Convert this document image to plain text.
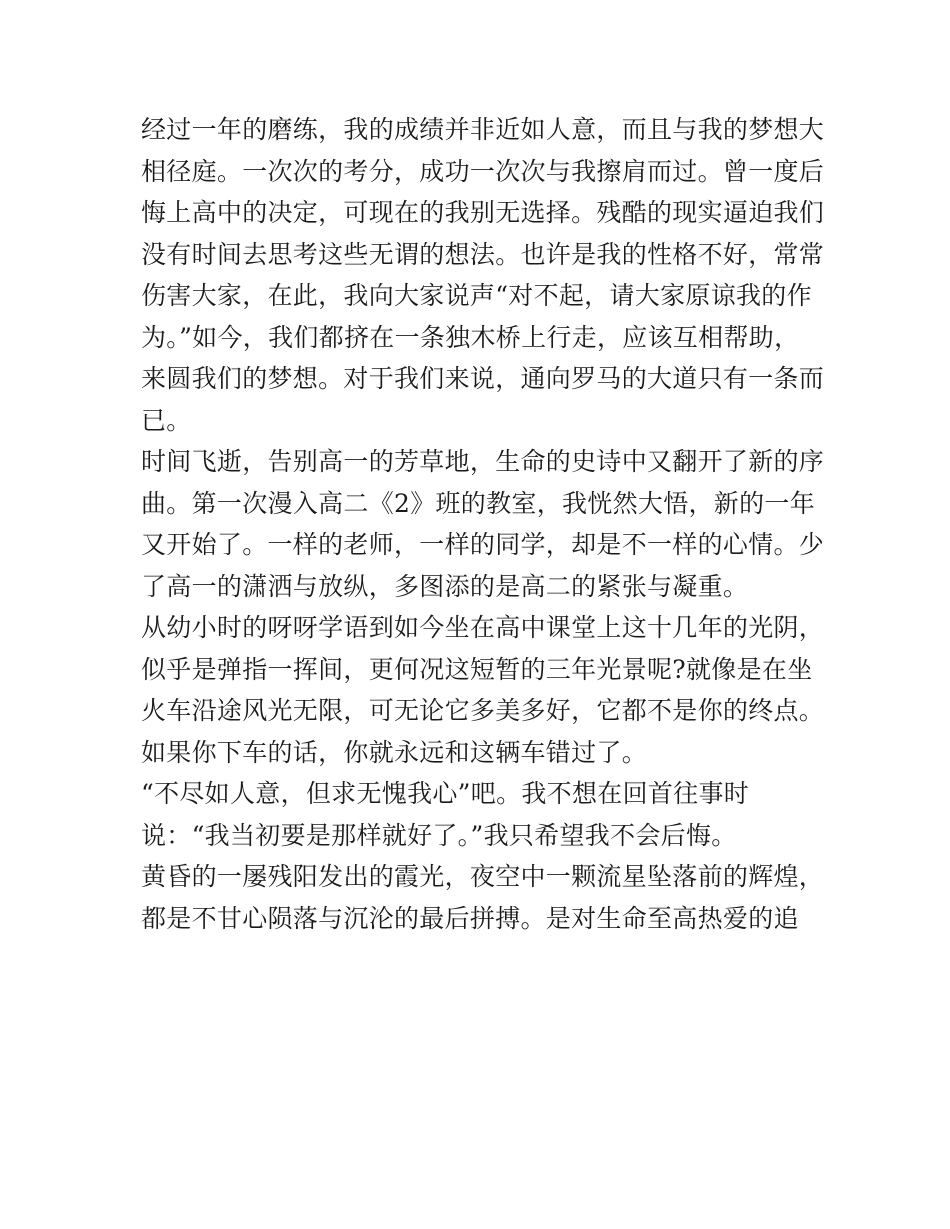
经过一年的磨练，我的成绩并非近如人意，而且与我的梦想大

相径庭。一次次的考分，成功一次次与我擦肩而过。曾一度后

悔上高中的决定，可现在的我别无选择。残酷的现实逼迫我们

没有时间去思考这些无谓的想法。也许是我的性格不好，常常

伤害大家，在此，我向大家说声“对不起，请大家原谅我的作

为。”如今，我们都挤在一条独木桥上行走，应该互相帮助，

来圆我们的梦想。对于我们来说，通向罗马的大道只有一条而

已。

时间飞逝，告别高一的芳草地，生命的史诗中又翻开了新的序

曲。第一次漫入高二《2》班的教室，我恍然大悟，新的一年

又开始了。一样的老师，一样的同学，却是不一样的心情。少

了高一的潇洒与放纵，多图添的是高二的紧张与凝重。

从幼小时的呀呀学语到如今坐在高中课堂上这十几年的光阴，

似乎是弹指一挥间，更何况这短暂的三年光景呢?就像是在坐

火车沿途风光无限，可无论它多美多好，它都不是你的终点。

如果你下车的话，你就永远和这辆车错过了。

“不尽如人意，但求无愧我心”吧。我不想在回首往事时

说：“我当初要是那样就好了。”我只希望我不会后悔。

黄昏的一屡残阳发出的霞光，夜空中一颗流星坠落前的辉煌，

都是不甘心陨落与沉沦的最后拼搏。是对生命至高热爱的追
